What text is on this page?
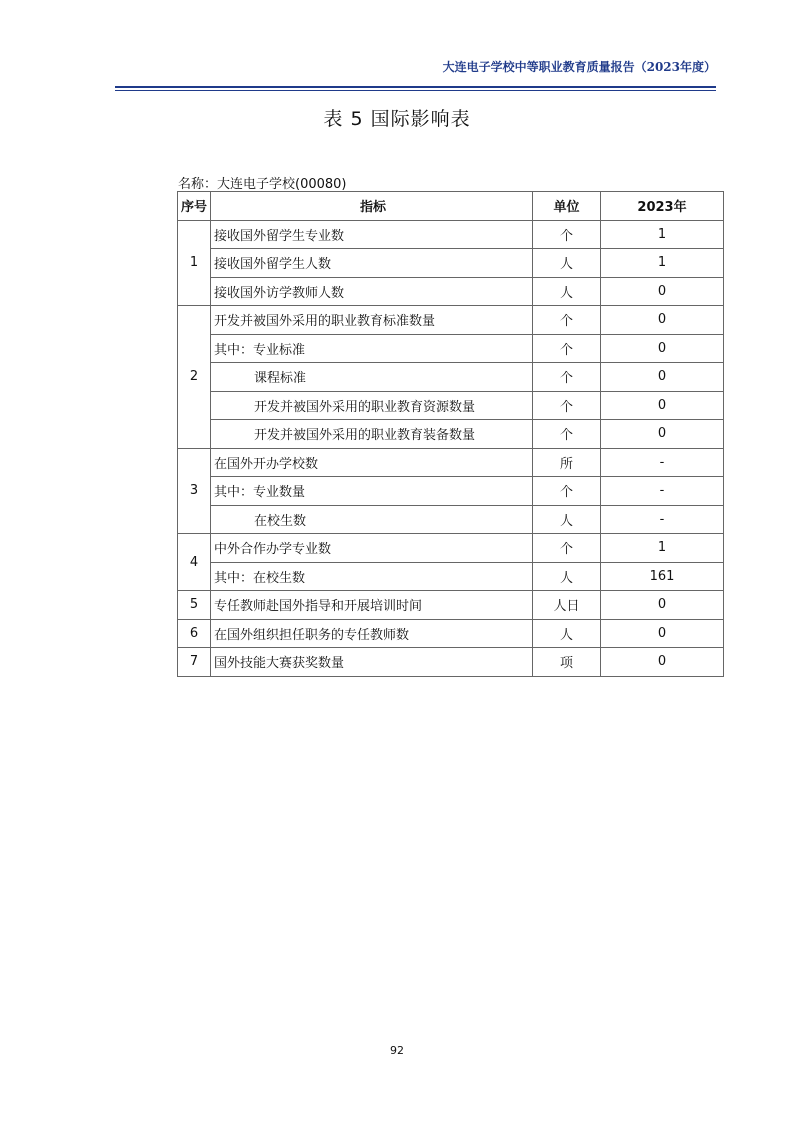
大连电子学校中等职业教育质量报告（2023年度）
表 5 国际影响表
名称：大连电子学校(00080)
序号	指标	单位	2023年
1	接收国外留学生专业数	个	1
	接收国外留学生人数	人	1
	接收国外访学教师人数	人	0
2	开发并被国外采用的职业教育标准数量	个	0
	其中：专业标准	个	0
	课程标准	个	0
	开发并被国外采用的职业教育资源数量	个	0
	开发并被国外采用的职业教育装备数量	个	0
3	在国外开办学校数	所	-
	其中：专业数量	个	-
	在校生数	人	-
4	中外合作办学专业数	个	1
	其中：在校生数	人	161
5	专任教师赴国外指导和开展培训时间	人日	0
6	在国外组织担任职务的专任教师数	人	0
7	国外技能大赛获奖数量	项	0
92
